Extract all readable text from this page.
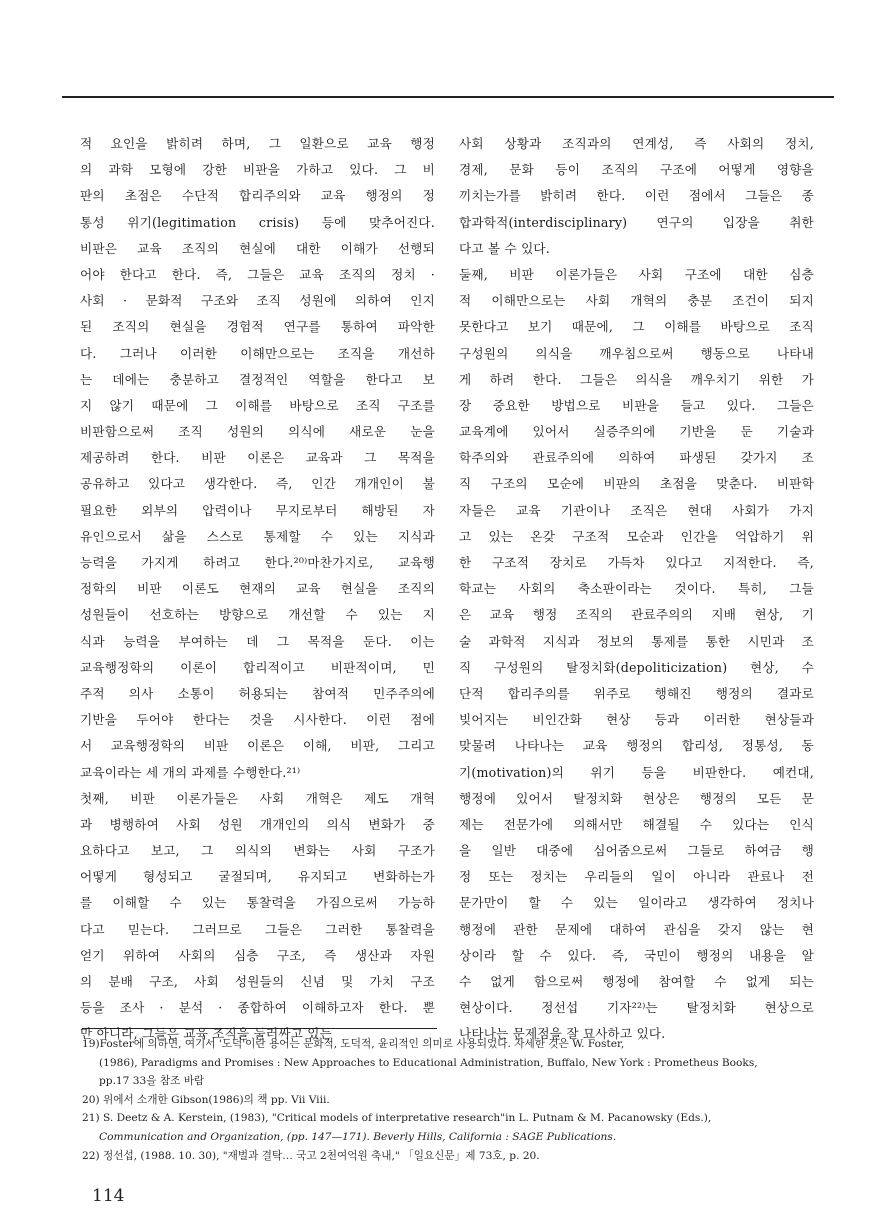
적 요인을 밝히려 하며, 그 일환으로 교육 행정
의 과학 모형에 강한 비판을 가하고 있다. 그 비
판의 초점은 수단적 합리주의와 교육 행정의 정
통성 위기(legitimation crisis) 등에 맞추어진다.
비판은 교육 조직의 현실에 대한 이해가 선행되
어야 한다고 한다. 즉, 그들은 교육 조직의 정치 ·
사회 · 문화적 구조와 조직 성원에 의하여 인지
된 조직의 현실을 경험적 연구를 통하여 파악한
다. 그러나 이러한 이해만으로는 조직을 개선하
는 데에는 충분하고 결정적인 역할을 한다고 보
지 않기 때문에 그 이해를 바탕으로 조직 구조를
비판함으로써 조직 성원의 의식에 새로운 눈을
제공하려 한다. 비판 이론은 교육과 그 목적을
공유하고 있다고 생각한다. 즉, 인간 개개인이 불
필요한 외부의 압력이나 무지로부터 해방된 자
유인으로서 삶을 스스로 통제할 수 있는 지식과
능력을 가지게 하려고 한다.²⁰⁾마찬가지로, 교육행
정학의 비판 이론도 현재의 교육 현실을 조직의
성원들이 선호하는 방향으로 개선할 수 있는 지
식과 능력을 부여하는 데 그 목적을 둔다. 이는
교육행정학의 이론이 합리적이고 비판적이며, 민
주적 의사 소통이 허용되는 참여적 민주주의에
기반을 두어야 한다는 것을 시사한다. 이런 점에
서 교육행정학의 비판 이론은 이해, 비판, 그리고
교육이라는 세 개의 과제를 수행한다.²¹⁾
첫째, 비판 이론가들은 사회 개혁은 제도 개혁
과 병행하여 사회 성원 개개인의 의식 변화가 중
요하다고 보고, 그 의식의 변화는 사회 구조가
어떻게 형성되고 굴절되며, 유지되고 변화하는가
를 이해할 수 있는 통찰력을 가짐으로써 가능하
다고 믿는다. 그러므로 그들은 그러한 통찰력을
얻기 위하여 사회의 심층 구조, 즉 생산과 자원
의 분배 구조, 사회 성원들의 신념 및 가치 구조
등을 조사 · 분석 · 종합하여 이해하고자 한다. 뿐
만 아니라, 그들은 교육 조직을 둘러싸고 있는
사회 상황과 조직과의 연계성, 즉 사회의 정치,
경제, 문화 등이 조직의 구조에 어떻게 영향을
끼치는가를 밝히려 한다. 이런 점에서 그들은 종
합과학적(interdisciplinary) 연구의 입장을 취한
다고 볼 수 있다.
둘째, 비판 이론가들은 사회 구조에 대한 심층
적 이해만으로는 사회 개혁의 충분 조건이 되지
못한다고 보기 때문에, 그 이해를 바탕으로 조직
구성원의 의식을 깨우침으로써 행동으로 나타내
게 하려 한다. 그들은 의식을 깨우치기 위한 가
장 중요한 방법으로 비판을 들고 있다. 그들은
교육계에 있어서 실증주의에 기반을 둔 기술과
학주의와 관료주의에 의하여 파생된 갖가지 조
직 구조의 모순에 비판의 초점을 맞춘다. 비판학
자들은 교육 기관이나 조직은 현대 사회가 가지
고 있는 온갖 구조적 모순과 인간을 억압하기 위
한 구조적 장치로 가득차 있다고 지적한다. 즉,
학교는 사회의 축소판이라는 것이다. 특히, 그들
은 교육 행정 조직의 관료주의의 지배 현상, 기
술 과학적 지식과 정보의 통제를 통한 시민과 조
직 구성원의 탈정치화(depoliticization) 현상, 수
단적 합리주의를 위주로 행해진 행정의 결과로
빚어지는 비인간화 현상 등과 이러한 현상들과
맞물려 나타나는 교육 행정의 합리성, 정통성, 동
기(motivation)의 위기 등을 비판한다. 예컨대,
행정에 있어서 탈정치화 현상은 행정의 모든 문
제는 전문가에 의해서만 해결될 수 있다는 인식
을 일반 대중에 심어줌으로써 그들로 하여금 행
정 또는 정치는 우리들의 일이 아니라 관료나 전
문가만이 할 수 있는 일이라고 생각하여 정치나
행정에 관한 문제에 대하여 관심을 갖지 않는 현
상이라 할 수 있다. 즉, 국민이 행정의 내용을 알
수 없게 함으로써 행정에 참여할 수 없게 되는
현상이다. 정선섭 기자²²⁾는 탈정치화 현상으로
나타나는 문제점을 잘 묘사하고 있다.
19)Foster에 의하면, 여기서 '도덕'이란 용어는 문화적, 도덕적, 윤리적인 의미로 사용되었다. 자세한 것은 W. Foster,
(1986), Paradigms and Promises : New Approaches to Educational Administration, Buffalo, New York : Prometheus Books,
pp.17 33을 참조 바람
20) 위에서 소개한 Gibson(1986)의 책 pp. Vii Viii.
21) S. Deetz & A. Kerstein, (1983), "Critical models of interpretative research"in L. Putnam & M. Pacanowsky (Eds.),
Communication and Organization, (pp. 147—171). Beverly Hills, California : SAGE Publications.
22) 정선섭, (1988. 10. 30), "재벌과 결탁… 국고 2천여억원 축내," 「일요신문」제 73호, p. 20.
114
